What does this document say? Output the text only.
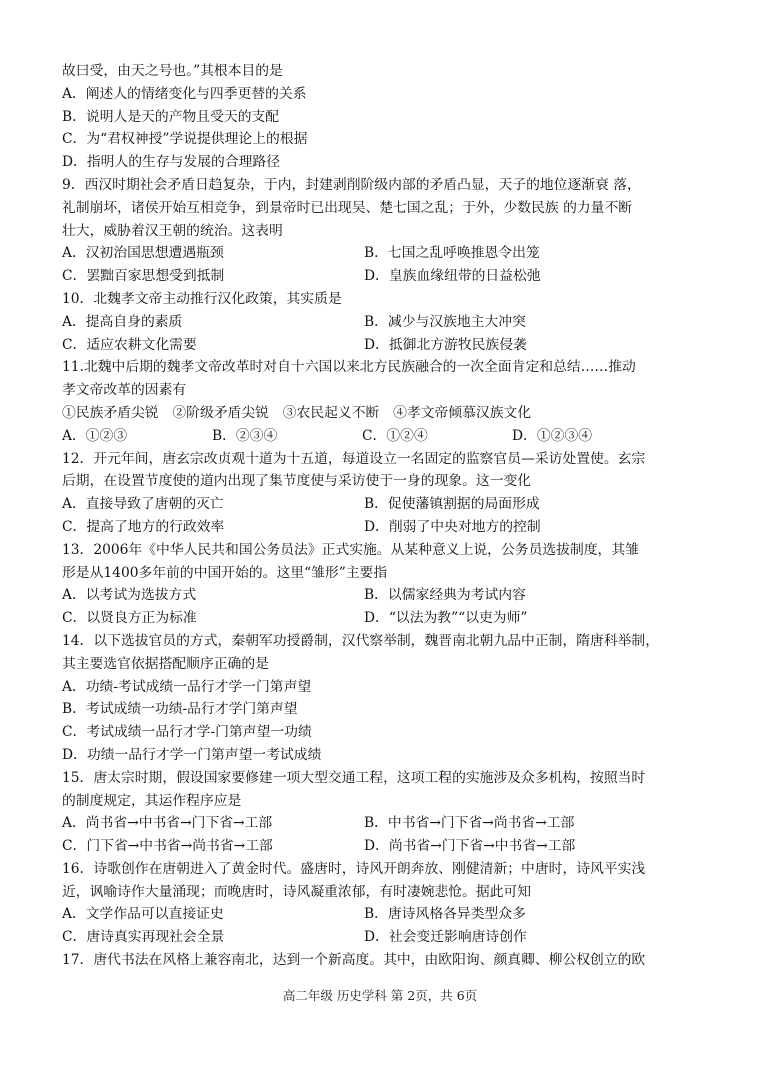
故曰受，由天之号也。”其根本目的是
A．阐述人的情绪变化与四季更替的关系
B．说明人是天的产物且受天的支配
C．为“君权神授”学说提供理论上的根据
D．指明人的生存与发展的合理路径
9．西汉时期社会矛盾日趋复杂，于内，封建剥削阶级内部的矛盾凸显，天子的地位逐渐衰 落，
礼制崩坏，诸侯开始互相竞争，到景帝时已出现吴、楚七国之乱；于外，少数民族 的力量不断
壮大，威胁着汉王朝的统治。这表明
A．汉初治国思想遭遇瓶颈	B．七国之乱呼唤推恩令出笼
C．罢黜百家思想受到抵制	D．皇族血缘纽带的日益松弛
10．北魏孝文帝主动推行汉化政策，其实质是
A．提高自身的素质	B．减少与汉族地主大冲突
C．适应农耕文化需要	D．抵御北方游牧民族侵袭
11.北魏中后期的魏孝文帝改革时对自十六国以来北方民族融合的一次全面肯定和总结……推动
孝文帝改革的因素有
①民族矛盾尖锐　②阶级矛盾尖锐　③农民起义不断　④孝文帝倾慕汉族文化
A．①②③	B．②③④	C．①②④	D．①②③④
12．开元年间，唐玄宗改贞观十道为十五道，每道设立一名固定的监察官员—采访处置使。玄宗
后期，在设置节度使的道内出现了集节度使与采访使于一身的现象。这一变化
A．直接导致了唐朝的灭亡	B．促使藩镇割据的局面形成
C．提高了地方的行政效率	D．削弱了中央对地方的控制
13．2006年《中华人民共和国公务员法》正式实施。从某种意义上说，公务员选拔制度，其雏
形是从1400多年前的中国开始的。这里“雏形”主要指
A．以考试为选拔方式	B．以儒家经典为考试内容
C．以贤良方正为标准	D．“以法为教”“以吏为师”
14．以下选拔官员的方式，秦朝军功授爵制，汉代察举制，魏晋南北朝九品中正制，隋唐科举制，
其主要选官依据搭配顺序正确的是
A．功绩-考试成绩一品行才学一门第声望
B．考试成绩一功绩-品行才学门第声望
C．考试成绩一品行才学-门第声望一功绩
D．功绩一品行才学一门第声望一考试成绩
15．唐太宗时期，假设国家要修建一项大型交通工程，这项工程的实施涉及众多机构，按照当时
的制度规定，其运作程序应是
A．尚书省→中书省→门下省→工部	B．中书省→门下省→尚书省→工部
C．门下省→中书省→尚书省→工部	D．尚书省→门下省→中书省→工部
16．诗歌创作在唐朝进入了黄金时代。盛唐时，诗风开朗奔放、刚健清新；中唐时，诗风平实浅
近，讽喻诗作大量涌现；而晚唐时，诗风凝重浓郁，有时凄婉悲怆。据此可知
A．文学作品可以直接证史	B．唐诗风格各异类型众多
C．唐诗真实再现社会全景	D．社会变迁影响唐诗创作
17．唐代书法在风格上兼容南北，达到一个新高度。其中，由欧阳询、颜真卿、柳公权创立的欧
高二年级 历史学科 第 2页，共 6页
